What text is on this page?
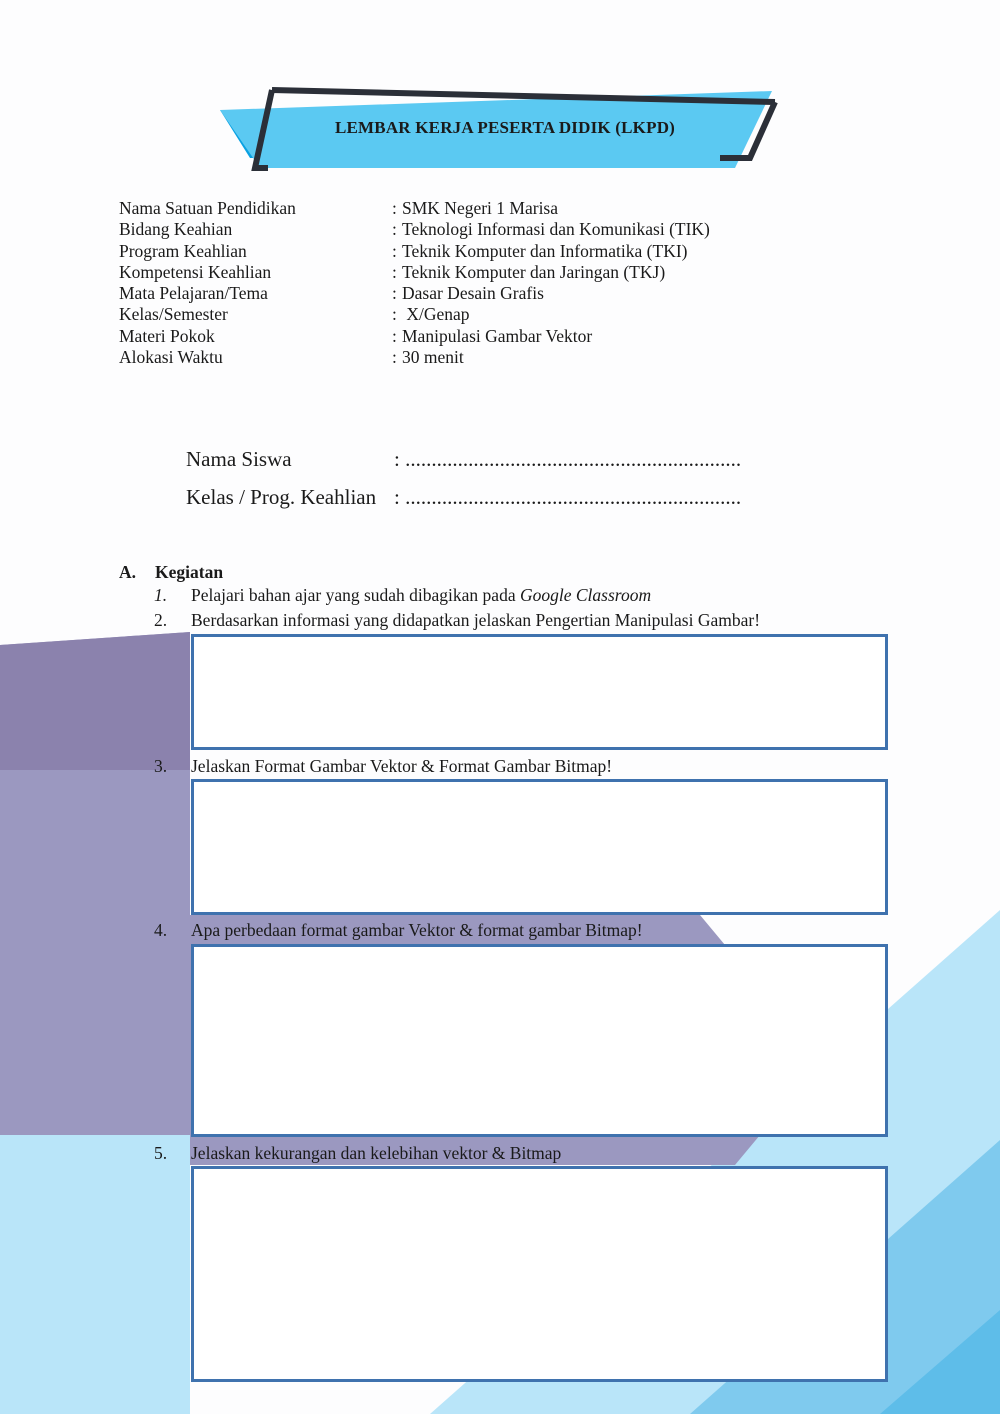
LEMBAR KERJA PESERTA DIDIK (LKPD)
Nama Satuan Pendidikan	: SMK Negeri 1 Marisa
Bidang Keahian	: Teknologi Informasi dan Komunikasi (TIK)
Program Keahlian	: Teknik Komputer dan Informatika (TKI)
Kompetensi Keahlian	: Teknik Komputer dan Jaringan (TKJ)
Mata Pelajaran/Tema	: Dasar Desain Grafis
Kelas/Semester	: X/Genap
Materi Pokok	: Manipulasi Gambar Vektor
Alokasi Waktu	: 30 menit
Nama Siswa	: ................................................................
Kelas / Prog. Keahlian : ................................................................
A.	Kegiatan
1.	Pelajari bahan ajar yang sudah dibagikan pada Google Classroom
2.	Berdasarkan informasi yang didapatkan jelaskan Pengertian Manipulasi Gambar!
3.	Jelaskan Format Gambar Vektor & Format Gambar Bitmap!
4.	Apa perbedaan format gambar Vektor & format gambar Bitmap!
5.	Jelaskan kekurangan dan kelebihan vektor & Bitmap
